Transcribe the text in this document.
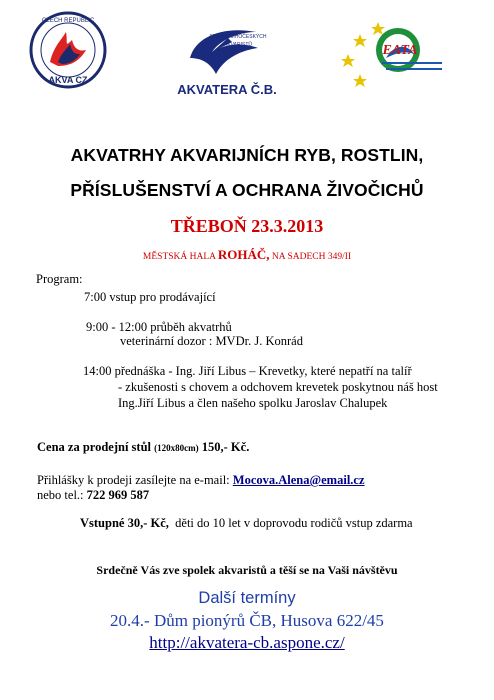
CZECH REPUBLIC
AKVA CZ
SPOLEK JIHOČESKÝCH
AKVARISTŮ
AKVATERA Č.B.
EATA
AKVATRHY AKVARIJNÍCH RYB, ROSTLIN,
PŘÍSLUŠENSTVÍ A OCHRANA ŽIVOČICHŮ
TŘEBOŇ 23.3.2013
MĚSTSKÁ HALA ROHÁČ, NA SADECH 349/II
Program:
7:00 vstup pro prodávající
9:00 - 12:00 průběh akvatrhů
veterinární dozor : MVDr. J. Konrád
14:00 přednáška - Ing. Jiří Libus – Krevetky, které nepatří na talíř
- zkušenosti s chovem a odchovem krevetek poskytnou náš host
Ing.Jiří Libus a člen našeho spolku Jaroslav Chalupek
Cena za prodejní stůl (120x80cm) 150,- Kč.
Přihlášky k prodeji zasílejte na e-mail: Mocova.Alena@email.cz
nebo tel.: 722 969 587
Vstupné 30,- Kč,  děti do 10 let v doprovodu rodičů vstup zdarma
Srdečně Vás zve spolek akvaristů a těší se na Vaši návštěvu
Další termíny
20.4.- Dům pionýrů ČB, Husova 622/45
http://akvatera-cb.aspone.cz/
